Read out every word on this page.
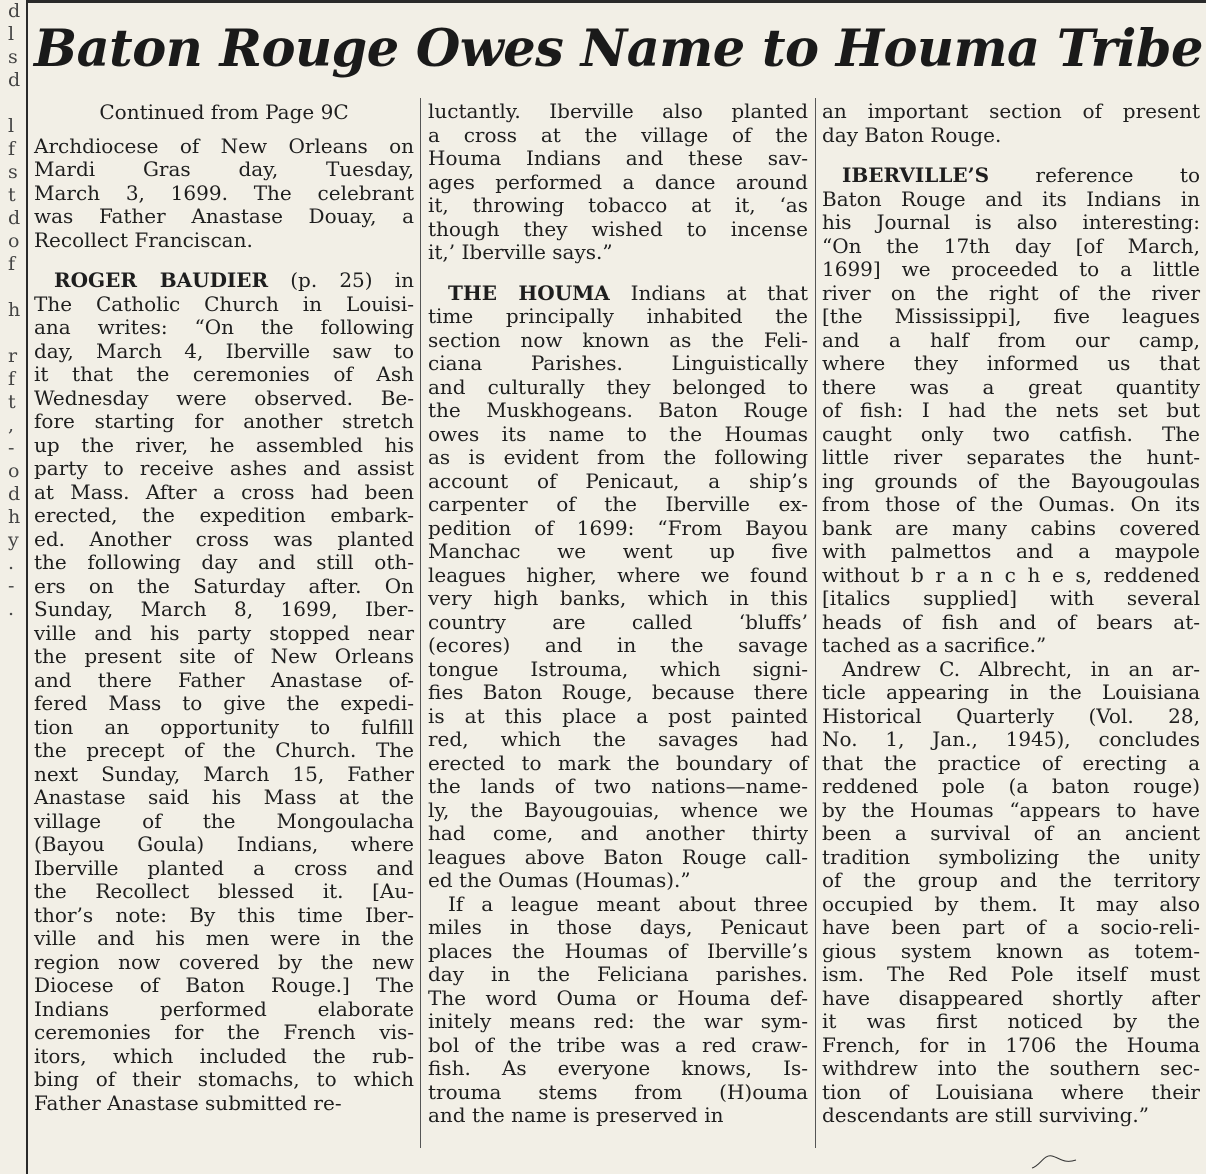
d
l
s
d

l
f
s
t
d
o
f

h

r
f
t
,
-
o
d
h
y
.
-
.

Baton Rouge Owes Name to Houma Tribe

Continued from Page 9C

Archdiocese of New Orleans on

Mardi Gras day, Tuesday,

March 3, 1699. The celebrant

was Father Anastase Douay, a

Recollect Franciscan.

ROGER BAUDIER (p. 25) in

The Catholic Church in Louisi-

ana writes: “On the following

day, March 4, Iberville saw to

it that the ceremonies of Ash

Wednesday were observed. Be-

fore starting for another stretch

up the river, he assembled his

party to receive ashes and assist

at Mass. After a cross had been

erected, the expedition embark-

ed. Another cross was planted

the following day and still oth-

ers on the Saturday after. On

Sunday, March 8, 1699, Iber-

ville and his party stopped near

the present site of New Orleans

and there Father Anastase of-

fered Mass to give the expedi-

tion an opportunity to fulfill

the precept of the Church. The

next Sunday, March 15, Father

Anastase said his Mass at the

village of the Mongoulacha

(Bayou Goula) Indians, where

Iberville planted a cross and

the Recollect blessed it. [Au-

thor’s note: By this time Iber-

ville and his men were in the

region now covered by the new

Diocese of Baton Rouge.] The

Indians performed elaborate

ceremonies for the French vis-

itors, which included the rub-

bing of their stomachs, to which

Father Anastase submitted re-

luctantly. Iberville also planted

a cross at the village of the

Houma Indians and these sav-

ages performed a dance around

it, throwing tobacco at it, ‘as

though they wished to incense

it,’ Iberville says.”

THE HOUMA Indians at that

time principally inhabited the

section now known as the Feli-

ciana Parishes. Linguistically

and culturally they belonged to

the Muskhogeans. Baton Rouge

owes its name to the Houmas

as is evident from the following

account of Penicaut, a ship’s

carpenter of the Iberville ex-

pedition of 1699: “From Bayou

Manchac we went up five

leagues higher, where we found

very high banks, which in this

country are called ‘bluffs’

(ecores) and in the savage

tongue Istrouma, which signi-

fies Baton Rouge, because there

is at this place a post painted

red, which the savages had

erected to mark the boundary of

the lands of two nations—name-

ly, the Bayougouias, whence we

had come, and another thirty

leagues above Baton Rouge call-

ed the Oumas (Houmas).”

If a league meant about three

miles in those days, Penicaut

places the Houmas of Iberville’s

day in the Feliciana parishes.

The word Ouma or Houma def-

initely means red: the war sym-

bol of the tribe was a red craw-

fish. As everyone knows, Is-

trouma stems from (H)ouma

and the name is preserved in

an important section of present

day Baton Rouge.

IBERVILLE’S reference to

Baton Rouge and its Indians in

his Journal is also interesting:

“On the 17th day [of March,

1699] we proceeded to a little

river on the right of the river

[the Mississippi], five leagues

and a half from our camp,

where they informed us that

there was a great quantity

of fish: I had the nets set but

caught only two catfish. The

little river separates the hunt-

ing grounds of the Bayougoulas

from those of the Oumas. On its

bank are many cabins covered

with palmettos and a maypole

without b r a n c h e s, reddened

[italics supplied] with several

heads of fish and of bears at-

tached as a sacrifice.”

Andrew C. Albrecht, in an ar-

ticle appearing in the Louisiana

Historical Quarterly (Vol. 28,

No. 1, Jan., 1945), concludes

that the practice of erecting a

reddened pole (a baton rouge)

by the Houmas “appears to have

been a survival of an ancient

tradition symbolizing the unity

of the group and the territory

occupied by them. It may also

have been part of a socio-reli-

gious system known as totem-

ism. The Red Pole itself must

have disappeared shortly after

it was first noticed by the

French, for in 1706 the Houma

withdrew into the southern sec-

tion of Louisiana where their

descendants are still surviving.”
